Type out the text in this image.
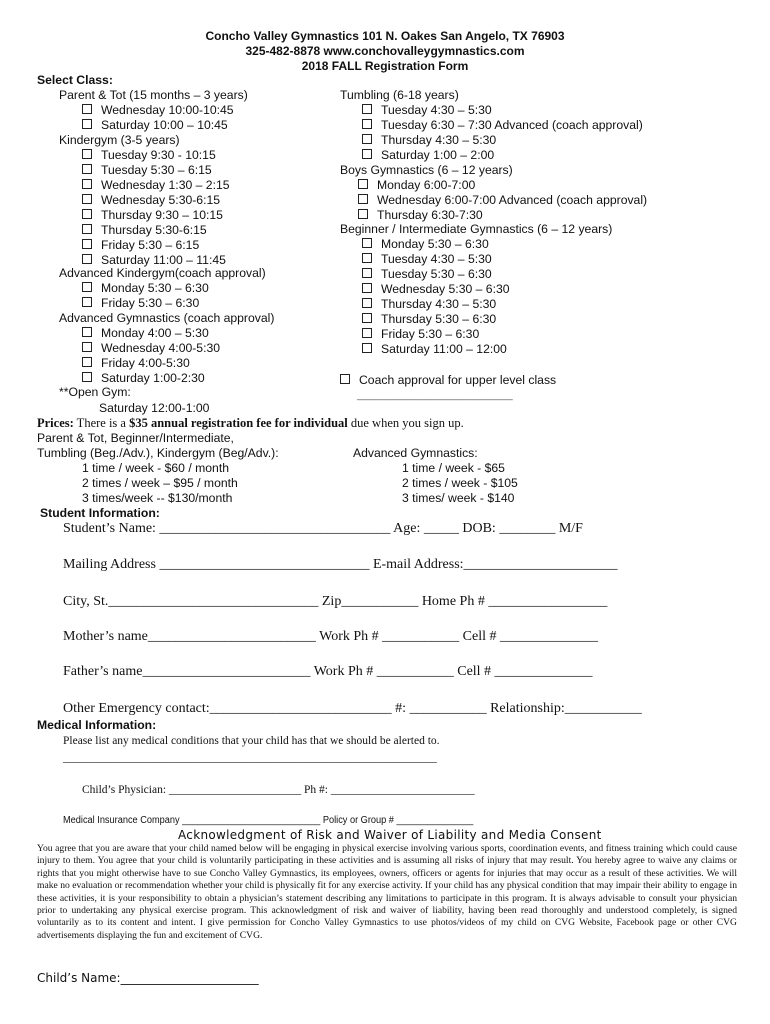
Concho Valley Gymnastics 101 N. Oakes San Angelo, TX 76903
325-482-8878 www.conchovalleygymnastics.com
2018 FALL Registration Form
Select Class:
Parent & Tot (15 months – 3 years)
Wednesday 10:00-10:45
Saturday 10:00 – 10:45
Kindergym (3-5 years)
Tuesday 9:30 - 10:15
Tuesday 5:30 – 6:15
Wednesday 1:30 – 2:15
Wednesday 5:30-6:15
Thursday 9:30 – 10:15
Thursday 5:30-6:15
Friday 5:30 – 6:15
Saturday 11:00 – 11:45
Advanced Kindergym(coach approval)
Monday 5:30 – 6:30
Friday 5:30 – 6:30
Advanced Gymnastics (coach approval)
Monday 4:00 – 5:30
Wednesday 4:00-5:30
Friday 4:00-5:30
Saturday 1:00-2:30
**Open Gym:
Saturday 12:00-1:00
Tumbling (6-18 years)
Tuesday 4:30 – 5:30
Tuesday 6:30 – 7:30 Advanced (coach approval)
Thursday 4:30 – 5:30
Saturday 1:00 – 2:00
Boys Gymnastics (6 – 12 years)
Monday 6:00-7:00
Wednesday 6:00-7:00 Advanced (coach approval)
Thursday 6:30-7:30
Beginner / Intermediate Gymnastics (6 – 12 years)
Monday 5:30 – 6:30
Tuesday 4:30 – 5:30
Tuesday 5:30 – 6:30
Wednesday 5:30 – 6:30
Thursday 4:30 – 5:30
Thursday 5:30 – 6:30
Friday 5:30 – 6:30
Saturday 11:00 – 12:00
Coach approval for upper level class
____________________________
Prices: There is a $35 annual registration fee for individual due when you sign up.
Parent & Tot, Beginner/Intermediate,
Tumbling (Beg./Adv.), Kindergym (Beg/Adv.):
1 time / week - $60 / month
2 times / week – $95 / month
3 times/week -- $130/month
Advanced Gymnastics:
1 time / week - $65
2 times / week - $105
3 times/ week - $140
Student Information:
Student’s Name: _________________________________ Age: _____ DOB: ________ M/F
Mailing Address ______________________________ E-mail Address:______________________
City, St.______________________________ Zip___________ Home Ph # _________________
Mother’s name________________________ Work Ph # ___________ Cell # ______________
Father’s name________________________ Work Ph # ___________ Cell # ______________
Other Emergency contact:__________________________ #: ___________ Relationship:___________
Medical Information:
Please list any medical conditions that your child has that we should be alerted to.
_________________________________________________________________
Child’s Physician: _______________________ Ph #: _________________________
Medical Insurance Company ___________________________ Policy or Group # _______________
Acknowledgment of Risk and Waiver of Liability and Media Consent
You agree that you are aware that your child named below will be engaging in physical exercise involving various sports, coordination events, and fitness training which could cause injury to them. You agree that your child is voluntarily participating in these activities and is assuming all risks of injury that may result. You hereby agree to waive any claims or rights that you might otherwise have to sue Concho Valley Gymnastics, its employees, owners, officers or agents for injuries that may occur as a result of these activities. We will make no evaluation or recommendation whether your child is physically fit for any exercise activity. If your child has any physical condition that may impair their ability to engage in these activities, it is your responsibility to obtain a physician’s statement describing any limitations to participate in this program. It is always advisable to consult your physician prior to undertaking any physical exercise program. This acknowledgment of risk and waiver of liability, having been read thoroughly and understood completely, is signed voluntarily as to its content and intent. I give permission for Concho Valley Gymnastics to use photos/videos of my child on CVG Website, Facebook page or other CVG advertisements displaying the fun and excitement of CVG.
Child’s Name:_______________________
